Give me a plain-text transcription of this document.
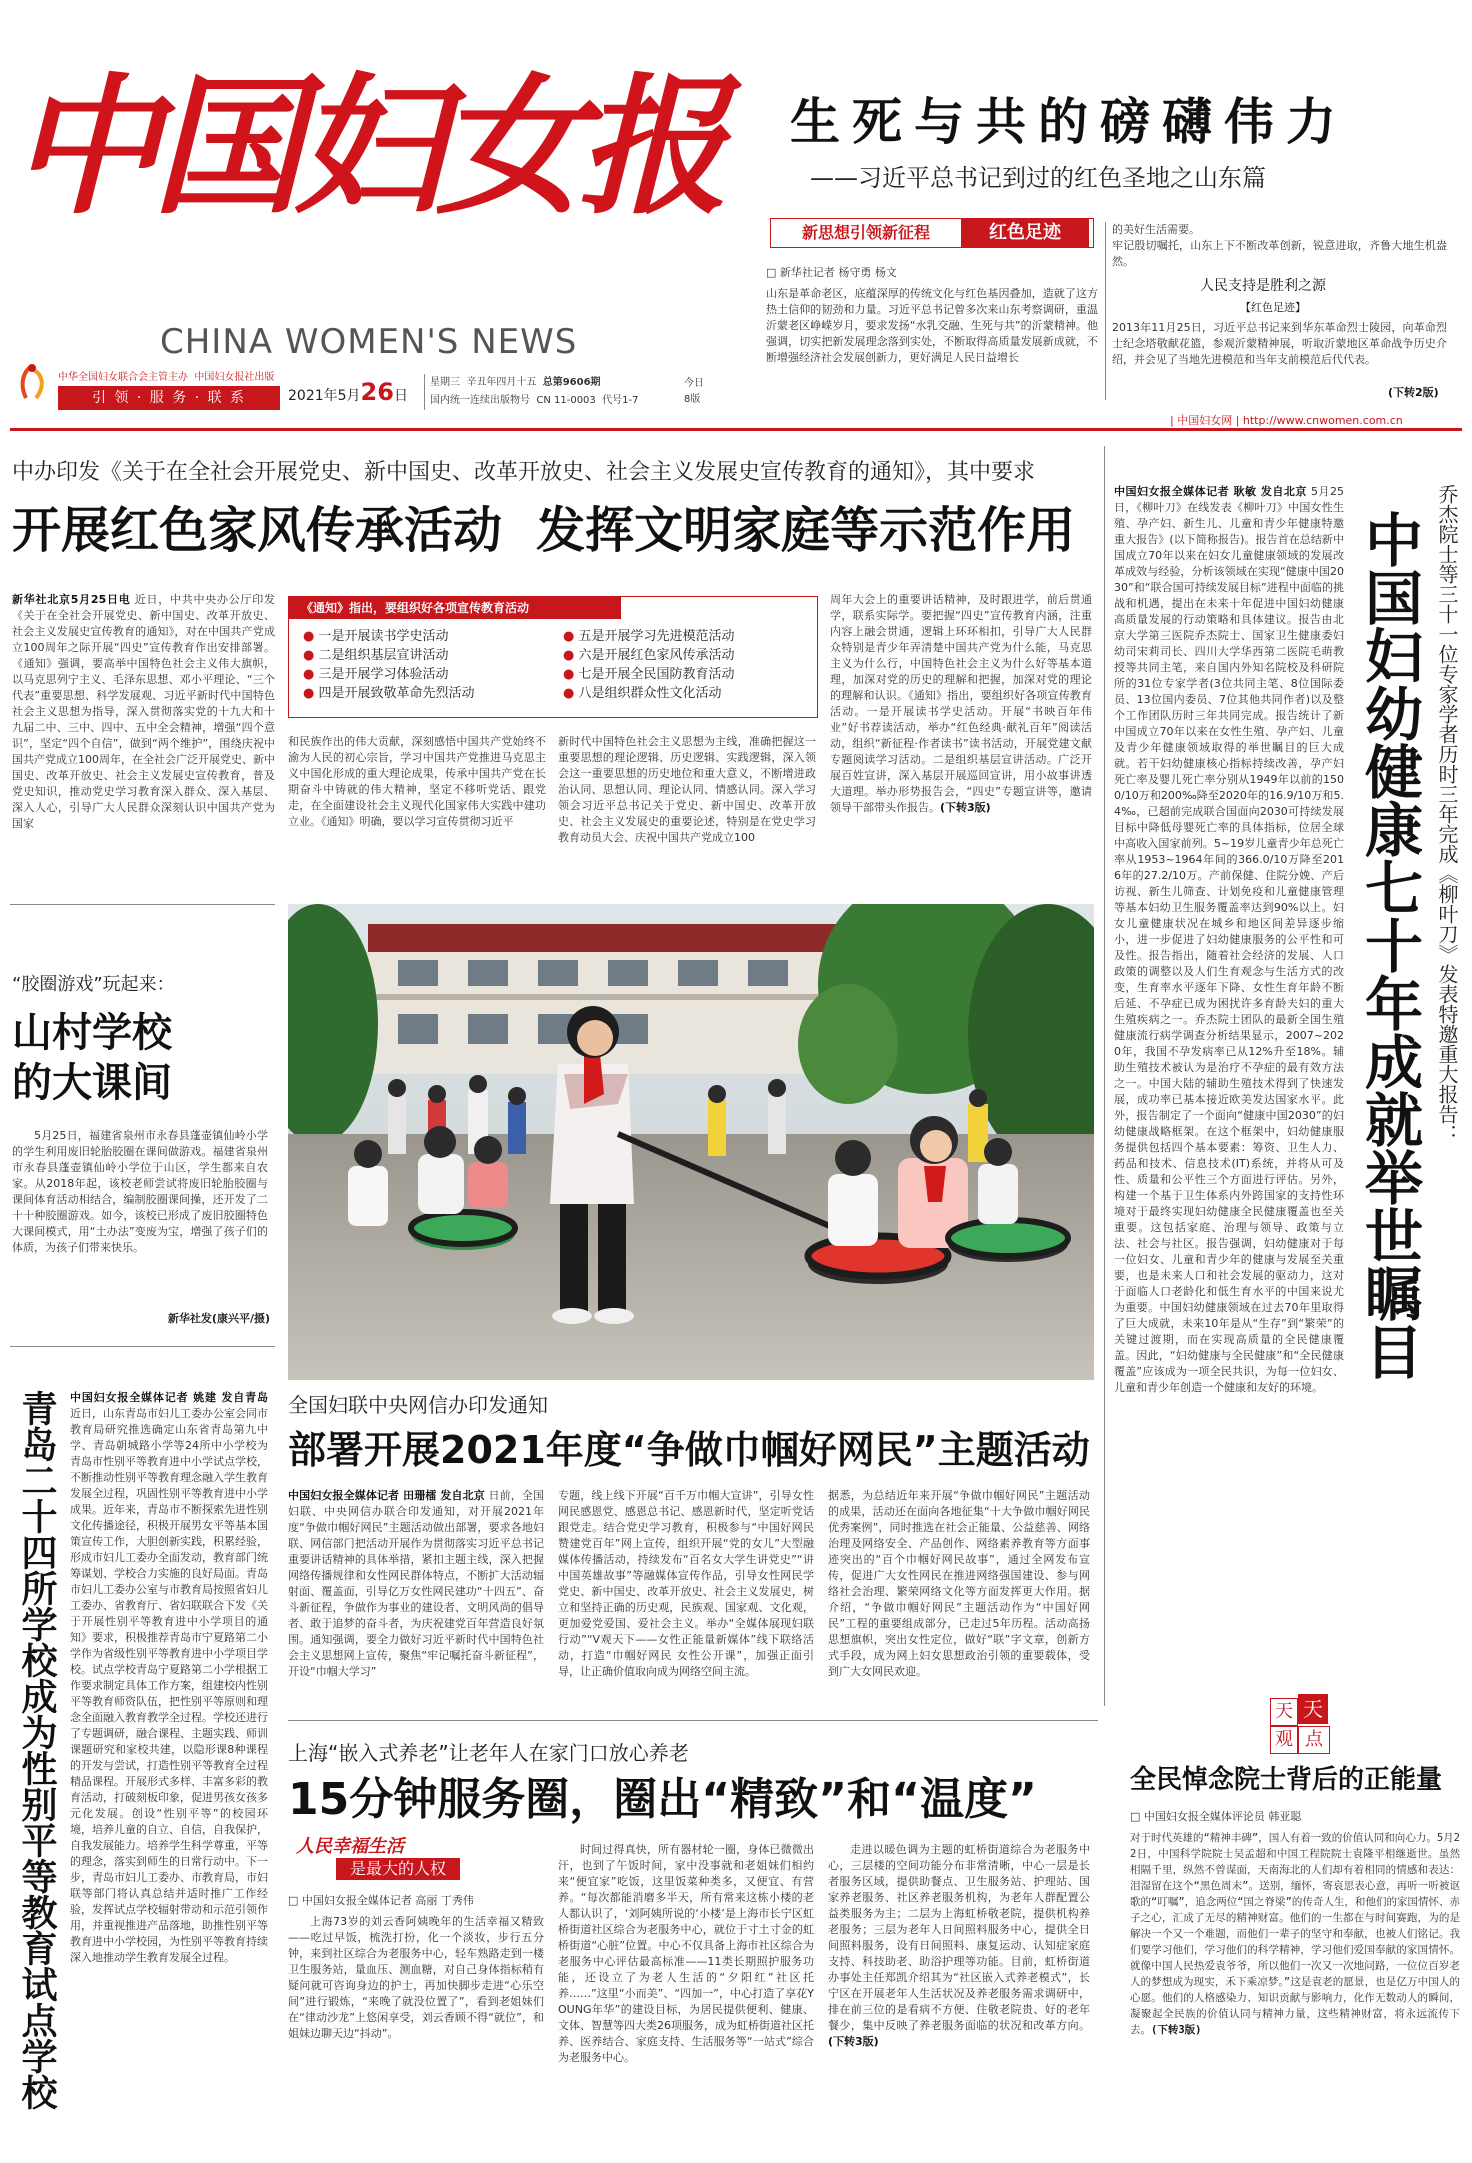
中国妇女报
CHINA WOMEN'S NEWS
中华全国妇女联合会主管主办 中国妇女报社出版
引 领 · 服 务 · 联 系	2021年5月26日
星期三 辛丑年四月十五 总第9606期
国内统一连续出版物号 CN 11-0003 代号1-7
今日
8版
生死与共的磅礴伟力
——习近平总书记到过的红色圣地之山东篇
新思想引领新征程	红色足迹
□ 新华社记者 杨守勇 杨文
山东是革命老区，底蕴深厚的传统文化与红色基因叠加，造就了这方热土信仰的韧劲和力量。习近平总书记曾多次来山东考察调研，重温沂蒙老区峥嵘岁月，要求发扬“水乳交融、生死与共”的沂蒙精神。他强调，切实把新发展理念落到实处，不断取得高质量发展新成就，不断增强经济社会发展创新力，更好满足人民日益增长
的美好生活需要。
牢记殷切嘱托，山东上下不断改革创新，锐意进取，齐鲁大地生机盎然。
人民支持是胜利之源
【红色足迹】
2013年11月25日，习近平总书记来到华东革命烈士陵园，向革命烈士纪念塔敬献花篮，参观沂蒙精神展，听取沂蒙地区革命战争历史介绍，并会见了当地先进模范和当年支前模范后代代表。
(下转2版)
| 中国妇女网 | http://www.cnwomen.com.cn
中办印发《关于在全社会开展党史、新中国史、改革开放史、社会主义发展史宣传教育的通知》，其中要求
开展红色家风传承活动  发挥文明家庭等示范作用
新华社北京5月25日电 近日，中共中央办公厅印发《关于在全社会开展党史、新中国史、改革开放史、社会主义发展史宣传教育的通知》，对在中国共产党成立100周年之际开展“四史”宣传教育作出安排部署。《通知》强调，要高举中国特色社会主义伟大旗帜，以马克思列宁主义、毛泽东思想、邓小平理论、“三个代表”重要思想、科学发展观、习近平新时代中国特色社会主义思想为指导，深入贯彻落实党的十九大和十九届二中、三中、四中、五中全会精神，增强“四个意识”，坚定“四个自信”，做到“两个维护”，围绕庆祝中国共产党成立100周年，在全社会广泛开展党史、新中国史、改革开放史、社会主义发展史宣传教育，普及党史知识，推动党史学习教育深入群众、深入基层、深入人心，引导广大人民群众深刻认识中国共产党为国家
《通知》指出，要组织好各项宣传教育活动
● 一是开展读书学史活动
● 二是组织基层宣讲活动
● 三是开展学习体验活动
● 四是开展致敬革命先烈活动
● 五是开展学习先进模范活动
● 六是开展红色家风传承活动
● 七是开展全民国防教育活动
● 八是组织群众性文化活动
和民族作出的伟大贡献，深刻感悟中国共产党始终不渝为人民的初心宗旨，学习中国共产党推进马克思主义中国化形成的重大理论成果，传承中国共产党在长期奋斗中铸就的伟大精神，坚定不移听党话、跟党走，在全面建设社会主义现代化国家伟大实践中建功立业。《通知》明确，要以学习宣传贯彻习近平
新时代中国特色社会主义思想为主线，准确把握这一重要思想的理论逻辑、历史逻辑、实践逻辑，深入领会这一重要思想的历史地位和重大意义，不断增进政治认同、思想认同、理论认同、情感认同。深入学习领会习近平总书记关于党史、新中国史、改革开放史、社会主义发展史的重要论述，特别是在党史学习教育动员大会、庆祝中国共产党成立100
周年大会上的重要讲话精神，及时跟进学，前后贯通学，联系实际学。要把握“四史”宣传教育内涵，注重内容上融会贯通，逻辑上环环相扣，引导广大人民群众特别是青少年弄清楚中国共产党为什么能，马克思主义为什么行，中国特色社会主义为什么好等基本道理，加深对党的历史的理解和把握，加深对党的理论的理解和认识。《通知》指出，要组织好各项宣传教育活动。一是开展读书学史活动。开展“书映百年伟业”好书荐读活动，举办“红色经典·献礼百年”阅读活动，组织“新征程·作者读书”读书活动，开展党建文献专题阅读学习活动。二是组织基层宣讲活动。广泛开展百姓宣讲，深入基层开展巡回宣讲，用小故事讲透大道理。举办形势报告会，“四史”专题宣讲等，邀请领导干部带头作报告。(下转3版)	乔杰院士等三十一位专家学者历时三年完成《柳叶刀》发表特邀重大报告：
中国妇幼健康七十年成就举世瞩目
中国妇女报全媒体记者 耿敏 发自北京 5月25日，《柳叶刀》在线发表《柳叶刀》中国女性生殖、孕产妇、新生儿、儿童和青少年健康特邀重大报告》(以下简称报告)。报告首在总结新中国成立70年以来在妇女儿童健康领域的发展改革成效与经验，分析该领域在实现“健康中国2030”和“联合国可持续发展目标”进程中面临的挑战和机遇，提出在未来十年促进中国妇幼健康高质量发展的行动策略和具体建议。报告由北京大学第三医院乔杰院士、国家卫生健康委妇幼司宋莉司长、四川大学华西第二医院毛萌教授等共同主笔，来自国内外知名院校及科研院所的31位专家学者(3位共同主笔、8位国际委员、13位国内委员、7位其他共同作者)以及整个工作团队历时三年共同完成。报告统计了新中国成立70年以来在女性生殖、孕产妇、儿童及青少年健康领域取得的举世瞩目的巨大成就。若干妇幼健康核心指标持续改善，孕产妇死亡率及婴儿死亡率分别从1949年以前的1500/10万和200‰降至2020年的16.9/10万和5.4‰，已超前完成联合国面向2030可持续发展目标中降低母婴死亡率的具体指标，位居全球中高收入国家前列。5~19岁儿童青少年总死亡率从1953~1964年间的366.0/10万降至2016年的27.2/10万。产前保健、住院分娩、产后访视、新生儿筛查、计划免疫和儿童健康管理等基本妇幼卫生服务覆盖率达到90%以上。妇女儿童健康状况在城乡和地区间差异逐步缩小，进一步促进了妇幼健康服务的公平性和可及性。报告指出，随着社会经济的发展、人口政策的调整以及人们生育观念与生活方式的改变，生育率水平逐年下降、女性生育年龄不断后延、不孕症已成为困扰许多育龄夫妇的重大生殖疾病之一。乔杰院士团队的最新全国生殖健康流行病学调查分析结果显示，2007~2020年，我国不孕发病率已从12%升至18%。辅助生殖技术被认为是治疗不孕症的最有效方法之一。中国大陆的辅助生殖技术得到了快速发展，成功率已基本接近欧美发达国家水平。此外，报告制定了一个面向“健康中国2030”的妇幼健康战略框架。在这个框架中，妇幼健康服务提供包括四个基本要素：筹资、卫生人力、药品和技术、信息技术(IT)系统，并将从可及性、质量和公平性三个方面进行评估。另外，构建一个基于卫生体系内外跨国家的支持性环境对于最终实现妇幼健康全民健康覆盖也至关重要。这包括家庭、治理与领导、政策与立法、社会与社区。报告强调，妇幼健康对于每一位妇女、儿童和青少年的健康与发展至关重要，也是未来人口和社会发展的驱动力，这对于面临人口老龄化和低生育水平的中国来说尤为重要。中国妇幼健康领域在过去70年里取得了巨大成就，未来10年是从“生存”到“繁荣”的关键过渡期，而在实现高质量的全民健康覆盖。因此，“妇幼健康与全民健康”和“全民健康覆盖”应该成为一项全民共识，为每一位妇女、儿童和青少年创造一个健康和友好的环境。
“胶圈游戏”玩起来：
山村学校
的大课间
5月25日，福建省泉州市永春县蓬壶镇仙岭小学的学生利用废旧轮胎胶圈在课间做游戏。福建省泉州市永春县蓬壶镇仙岭小学位于山区，学生都来自农家。从2018年起，该校老师尝试将废旧轮胎胶圈与课间体育活动相结合，编制胶圈课间操，还开发了二十十种胶圈游戏。如今，该校已形成了废旧胶圈特色大课间模式，用“土办法”变废为宝，增强了孩子们的体质，为孩子们带来快乐。
新华社发(康兴平/摄)
青岛二十四所学校成为性别平等教育试点学校 中国妇女报全媒体记者 姚建 发自青岛 近日，山东青岛市妇儿工委办公室会同市教育局研究推选确定山东省青岛第九中学、青岛朝城路小学等24所中小学校为青岛市性别平等教育进中小学试点学校，不断推动性别平等教育理念融入学生教育发展全过程，巩固性别平等教育进中小学成果。近年来，青岛市不断探索先进性别文化传播途径，积极开展男女平等基本国策宣传工作，大胆创新实践，积累经验，形成市妇儿工委办全面发动，教育部门统筹谋划、学校合力实施的良好局面。青岛市妇儿工委办公室与市教育局按照省妇儿工委办、省教育厅、省妇联联合下发《关于开展性别平等教育进中小学项目的通知》要求，积极推荐青岛市宁夏路第二小学作为省级性别平等教育进中小学项目学校。试点学校青岛宁夏路第二小学根据工作要求制定具体工作方案，组建校内性别平等教育师资队伍，把性别平等原则和理念全面融入教育教学全过程。学校还进行了专题调研，融合课程、主题实践、师训课题研究和家校共建，以隐形课8种课程的开发与尝试，打造性别平等教育全过程精品课程。开展形式多样、丰富多彩的教育活动，打破刻板印象，促进男孩女孩多元化发展。创设“性别平等”的校园环境，培养儿童的自立、自信，自我保护，自我发展能力。培养学生科学尊重，平等的理念，落实到师生的日常行动中。下一步，青岛市妇儿工委办、市教育局，市妇联等部门将认真总结并适时推广工作经验，发挥试点学校辐射带动和示范引领作用，并重视推进产品落地，助推性别平等教育进中小学校园，为性别平等教育持续深入地推动学生教育发展全过程。
全国妇联中央网信办印发通知
部署开展2021年度“争做巾帼好网民”主题活动
中国妇女报全媒体记者 田珊檑 发自北京 日前，全国妇联、中央网信办联合印发通知，对开展2021年度“争做巾帼好网民”主题活动做出部署，要求各地妇联、网信部门把活动开展作为贯彻落实习近平总书记重要讲话精神的具体举措，紧扣主题主线，深入把握网络传播规律和女性网民群体特点，不断扩大活动辐射面、覆盖面，引导亿万女性网民建功“十四五”、奋斗新征程，争做作为事业的建设者、文明风尚的倡导者、敢于追梦的奋斗者，为庆祝建党百年营造良好氛围。通知强调，要全力做好习近平新时代中国特色社会主义思想网上宣传，聚焦“牢记嘱托奋斗新征程”，开设“巾帼大学习”
专题，线上线下开展“百千万巾帼大宣讲”，引导女性网民感恩党、感恩总书记、感恩新时代，坚定听党话跟党走。结合党史学习教育，积极参与“中国好网民 赞建党百年”网上宣传，组织开展“党的女儿”大型融媒体传播活动，持续发布“百名女大学生讲党史”“讲中国英雄故事”等融媒体宣传作品，引导女性网民学党史、新中国史、改革开放史、社会主义发展史，树立和坚持正确的历史观，民族观、国家观、文化观，更加爱党爱国、爱社会主义。举办“全媒体展现妇联行动”“V观天下——女性正能量新媒体”线下联络活动，打造“巾帼好网民 女性公开课”，加强正面引导，让正确价值取向成为网络空间主流。
据悉，为总结近年来开展“争做巾帼好网民”主题活动的成果，活动还在面向各地征集“十大争做巾帼好网民优秀案例”，同时推选在社会正能量、公益慈善、网络治理及网络安全、产品创作、网络素养教育等方面事迹突出的“百个巾帼好网民故事”，通过全网发布宣传，促进广大女性网民在推进网络强国建设、参与网络社会治理、繁荣网络文化等方面发挥更大作用。据介绍，“争做巾帼好网民”主题活动作为“中国好网民”工程的重要组成部分，已走过5年历程。活动高扬思想旗帜，突出女性定位，做好“联”字文章，创新方式手段，成为网上妇女思想政治引领的重要载体，受到广大女网民欢迎。
天 天
观 点
全民悼念院士背后的正能量
□ 中国妇女报全媒体评论员 韩亚聪
对于时代英雄的“精神丰碑”，国人有着一致的价值认同和向心力。5月22日，中国科学院院士吴孟超和中国工程院院士袁隆平相继逝世。虽然相隔千里，纵然不曾谋面，天南海北的人们却有着相同的情感和表达：泪湿留在这个“黑色周末”。送别，缅怀，寄哀思表心意，再听一听被讴歌的“叮嘱”，追念两位“国之脊梁”的传奇人生，和他们的家国情怀、赤子之心，汇成了无尽的精神财富。他们的一生都在与时间赛跑，为的是解决一个又一个难题，而他们一辈子的坚守和奉献，也被人们铭记。我们要学习他们，学习他们的科学精神，学习他们爱国奉献的家国情怀。就像中国人民热爱袁爷爷，所以他们一次又一次地问路，一位位百岁老人的梦想成为现实，禾下乘凉梦。”这是袁老的愿景，也是亿万中国人的心愿。他们的人格感染力、知识贡献与影响力，化作无数动人的瞬间，凝聚起全民族的价值认同与精神力量，这些精神财富，将永远流传下去。(下转3版)
上海“嵌入式养老”让老年人在家门口放心养老
15分钟服务圈，圈出“精致”和“温度”
人民幸福生活
是最大的人权
□ 中国妇女报全媒体记者 高丽 丁秀伟
上海73岁的刘云香阿姨晚年的生活幸福又精致——吃过早饭，梳洗打扮，化一个淡妆，步行五分钟，来到社区综合为老服务中心，轻车熟路走到一楼卫生服务站，量血压、测血糖，对自己身体指标稍有疑问就可咨询身边的护士，再加快脚步走进“心乐空间”进行锻炼，“来晚了就没位置了”，看到老姐妹们在“律动沙龙”上悠闲享受，刘云香顾不得“就位”，和姐妹边聊天边“抖动”。
时间过得真快，所有器材轮一圈，身体已微微出汗，也到了午饭时间，家中没事就和老姐妹们相约来“便宜家”吃饭，这里饭菜种类多，又便宜、有营养。“每次都能消磨多半天，所有常来这栋小楼的老人都认识了，‘刘阿姨所说的‘小楼’是上海市长宁区虹桥街道社区综合为老服务中心，就位于寸土寸金的虹桥街道“心脏”位置。中心不仅具备上海市社区综合为老服务中心评估最高标准——11类长期照护服务功能，还设立了为老人生活的“夕阳红”社区托养……”这里“小而美”、“四加一”，中心打造了享花YOUNG年华”的建设目标，为居民提供便利、健康、文体、智慧等四大类26项服务，成为虹桥街道社区托养、医养结合、家庭支持、生活服务等“一站式”综合为老服务中心。
走进以暖色调为主题的虹桥街道综合为老服务中心，三层楼的空间功能分布非常清晰，中心一层是长者服务区域，提供助餐点、卫生服务站、护理站、国家养老服务、社区养老服务机构，为老年人群配置公益类服务为主；二层为上海虹桥敬老院，提供机构养老服务；三层为老年人日间照料服务中心，提供全日间照料服务，设有日间照料、康复运动、认知症家庭支持、科技助老、助浴护理等功能。目前，虹桥街道办事处主任郑凯介绍其为“社区嵌入式养老模式”，长宁区在开展老年人生活状况及养老服务需求调研中，排在前三位的是看病不方便、住敬老院贵、好的老年餐少，集中反映了养老服务面临的状况和改革方向。(下转3版)
